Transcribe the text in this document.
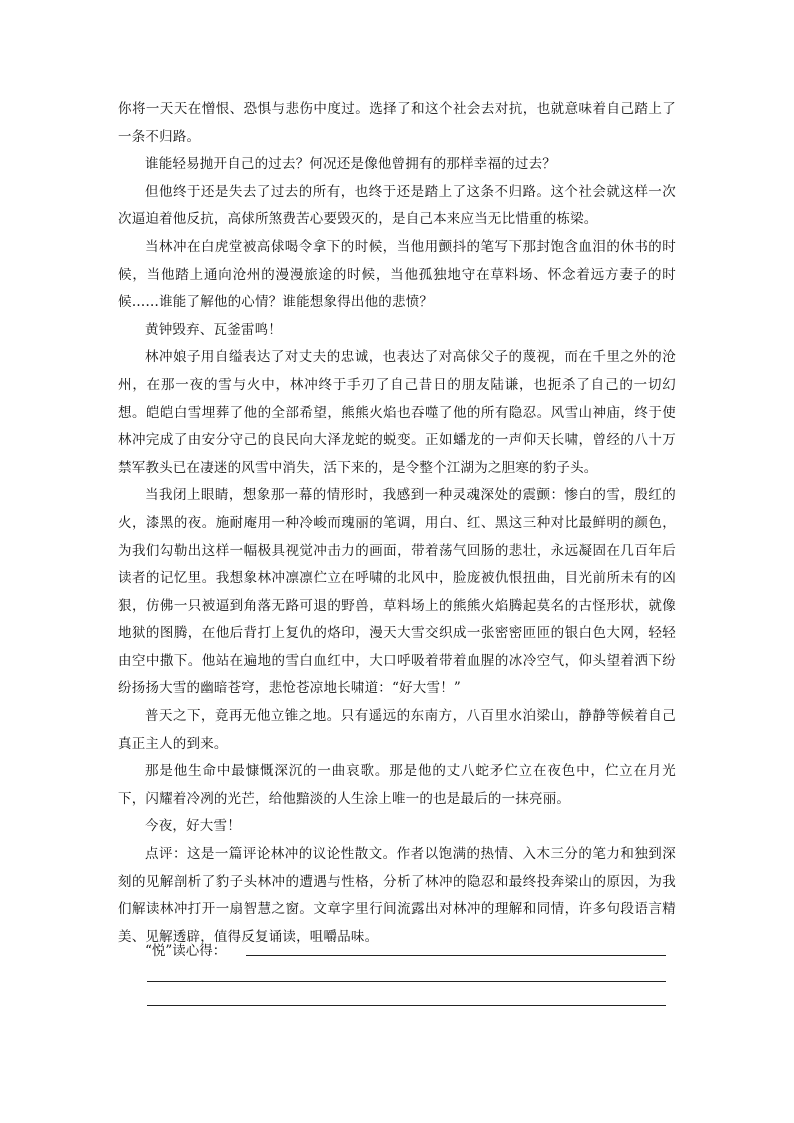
你将一天天在憎恨、恐惧与悲伤中度过。选择了和这个社会去对抗，也就意味着自己踏上了一条不归路。

谁能轻易抛开自己的过去？何况还是像他曾拥有的那样幸福的过去？

但他终于还是失去了过去的所有，也终于还是踏上了这条不归路。这个社会就这样一次次逼迫着他反抗，高俅所煞费苦心要毁灭的，是自己本来应当无比惜重的栋梁。

当林冲在白虎堂被高俅喝令拿下的时候，当他用颤抖的笔写下那封饱含血泪的休书的时候，当他踏上通向沧州的漫漫旅途的时候，当他孤独地守在草料场、怀念着远方妻子的时候……谁能了解他的心情？谁能想象得出他的悲愤？

黄钟毁弃、瓦釜雷鸣！

林冲娘子用自缢表达了对丈夫的忠诚，也表达了对高俅父子的蔑视，而在千里之外的沧州，在那一夜的雪与火中，林冲终于手刃了自己昔日的朋友陆谦，也扼杀了自己的一切幻想。皑皑白雪埋葬了他的全部希望，熊熊火焰也吞噬了他的所有隐忍。风雪山神庙，终于使林冲完成了由安分守己的良民向大泽龙蛇的蜕变。正如蟠龙的一声仰天长啸，曾经的八十万禁军教头已在凄迷的风雪中消失，活下来的，是令整个江湖为之胆寒的豹子头。

当我闭上眼睛，想象那一幕的情形时，我感到一种灵魂深处的震颤：惨白的雪，殷红的火，漆黑的夜。施耐庵用一种冷峻而瑰丽的笔调，用白、红、黑这三种对比最鲜明的颜色，为我们勾勒出这样一幅极具视觉冲击力的画面，带着荡气回肠的悲壮，永远凝固在几百年后读者的记忆里。我想象林冲凛凛伫立在呼啸的北风中，脸庞被仇恨扭曲，目光前所未有的凶狠，仿佛一只被逼到角落无路可退的野兽，草料场上的熊熊火焰腾起莫名的古怪形状，就像地狱的图腾，在他后背打上复仇的烙印，漫天大雪交织成一张密密匝匝的银白色大网，轻轻由空中撒下。他站在遍地的雪白血红中，大口呼吸着带着血腥的冰冷空气，仰头望着洒下纷纷扬扬大雪的幽暗苍穹，悲怆苍凉地长啸道：“好大雪！”

普天之下，竟再无他立锥之地。只有遥远的东南方，八百里水泊梁山，静静等候着自己真正主人的到来。

那是他生命中最慷慨深沉的一曲哀歌。那是他的丈八蛇矛伫立在夜色中，伫立在月光下，闪耀着冷冽的光芒，给他黯淡的人生涂上唯一的也是最后的一抹亮丽。

今夜，好大雪！

点评：这是一篇评论林冲的议论性散文。作者以饱满的热情、入木三分的笔力和独到深刻的见解剖析了豹子头林冲的遭遇与性格，分析了林冲的隐忍和最终投奔梁山的原因，为我们解读林冲打开一扇智慧之窗。文章字里行间流露出对林冲的理解和同情，许多句段语言精美、见解透辟，值得反复诵读，咀嚼品味。

“悦”读心得：
